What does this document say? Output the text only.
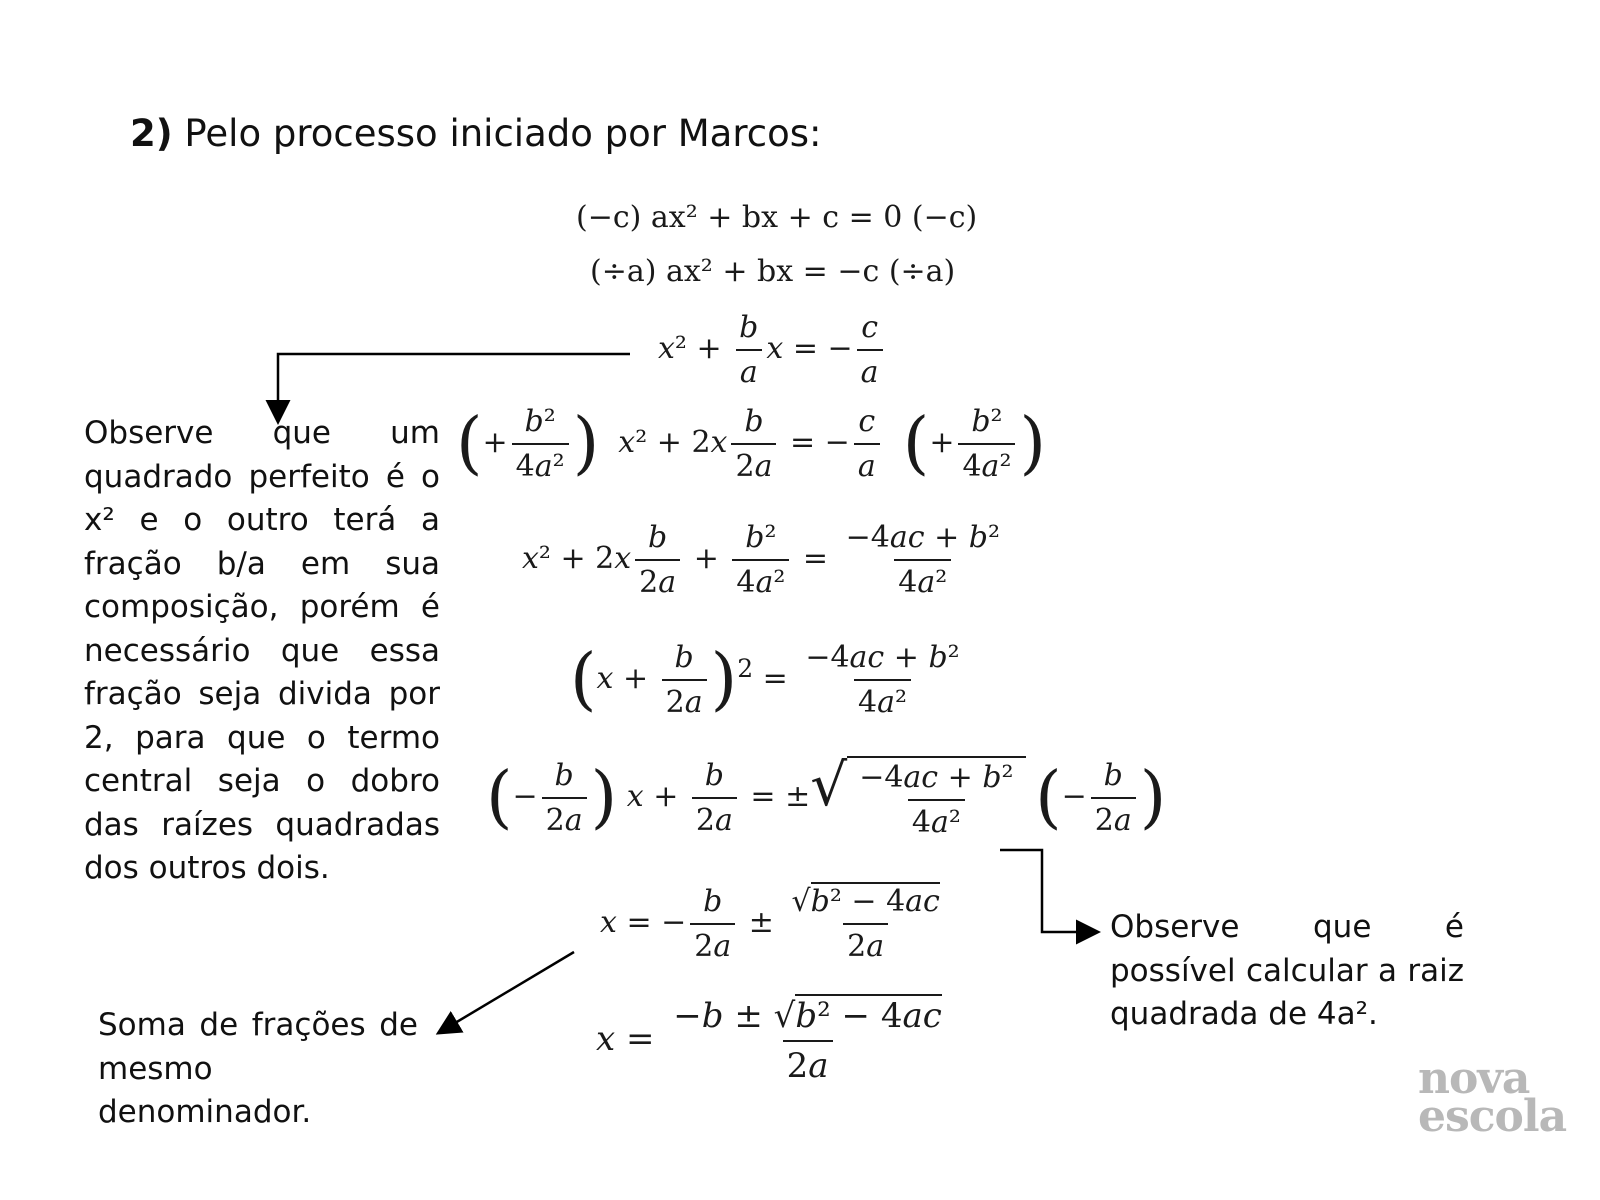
2) Pelo processo iniciado por Marcos:
(−c) ax² + bx + c = 0 (−c)
(÷a) ax² + bx = −c (÷a)
$x^2 + \frac{b}{a}$ x = − $\frac{c}{a}$
(+ $\frac{\text{b²}}{\text{4a²}}$ ) $x^2 + 2x \frac{b}{2a}$ = − $\frac{c}{a}$ (+ $\frac{\text{b²}}{\text{4a²}}$ )
$x^2 + 2x \frac{b}{2a} + \frac{\text{b²}}{\text{4a²}} = \frac{\text{−4ac + b²}}{\text{4a²}}$
$(x + \frac{b}{2a} )^2 = \frac{\text{−4ac + b²}}{\text{4a²}}$
(− $\frac{b}{2a}$ ) $x + \frac{b}{2a}$ = ± √ $\frac{\text{−4ac + b²}}{\text{4a²}}$ (− $\frac{b}{2a}$ )
x = − $\frac{b}{2a} \pm \frac{\text{√b² − 4ac}}{2a}$
$x = \frac{\text{−b ± √b² − 4ac}}{2a}$
Observe que um quadrado perfeito é o x² e o outro terá a fração b/a em sua composição, porém é necessário que essa fração seja divida por 2, para que o termo central seja o dobro das raízes quadradas dos outros dois.
Soma de frações de mesmo denominador.
Observe que é possível calcular a raiz quadrada de 4a².
nova
escola
